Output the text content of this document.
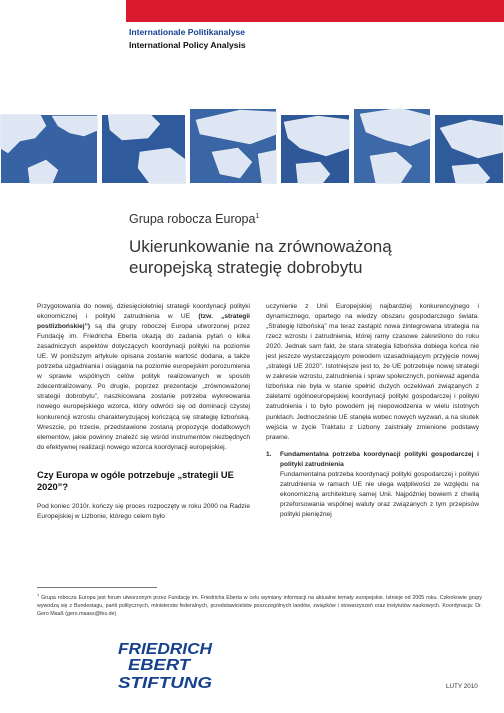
Internationale Politikanalyse
International Policy Analysis
Grupa robocza Europa$^1$
Ukierunkowanie na zrównoważoną
europejską strategię dobrobytu

Przygotowania do nowej, dziesięcioletniej strategii koordynacji polityki ekonomicznej i polityki zatrudnienia w UE (tzw. „strategii postlizbońskiej”) są dla grupy roboczej Europa utworzonej przez Fundację im. Friedricha Eberta okazją do zadania pytań o kilka zasadniczych aspektów dotyczących koordynacji polityki na poziomie UE. W poniższym artykule opisana zostanie wartość dodana, a także potrzeba uzgadniania i osiągania na poziomie europejskim porozumienia w sprawie wspólnych celów polityk realizowanych w sposób zdecentralizowany. Po drugie, poprzez prezentacje „zrównoważonej strategii dobrobytu”, naszkicowana zostanie potrzeba wykreowania nowego europejskiego wzorca, który odwróci się od dominacji czystej konkurencji wzrostu charakteryzującej kończącą się strategię lizbońską. Wreszcie, po trzecie, przedstawione zostaną propozycje dodatkowych elementów, jakie powinny znaleźć się wśród instrumentów niezbędnych do efektywnej realizacji nowego wzorca koordynacji europejskiej.

Czy Europa w ogóle potrzebuje „strategii UE 2020”?

Pod koniec 2010r. kończy się proces rozpoczęty w roku 2000 na Radzie Europejskiej w Lizbonie, którego celem było

uczynienie z Unii Europejskiej najbardziej konkurencyjnego i dynamicznego, opartego na wiedzy obszaru gospodarczego świata. „Strategię lizbońską” ma teraz zastąpić nowa zintegrowana strategia na rzecz wzrostu i zatrudnienia, której ramy czasowe zakreślono do roku 2020. Jednak sam fakt, że stara strategia lizbońska dobiega końca nie jest jeszcze wystarczającym powodem uzasadniającym przyjęcie nowej „strategii UE 2020”. Istotniejsze jest to, że UE potrzebuje nowej strategii w zakresie wzrostu, zatrudnienia i spraw społecznych, ponieważ agenda lizbońska nie była w stanie spełnić dużych oczekiwań związanych z zaletami ogólnoeuropejskiej koordynacji polityki gospodarczej i polityki zatrudnienia i to było powodem jej niepowodzenia w wielu istotnych punktach. Jednocześnie UE stanęła wobec nowych wyzwań, a na skutek wejścia w życie Traktatu z Lizbony zaistniały zmienione podstawy prawne.

1.	Fundamentalna potrzeba koordynacji polityki gospodarczej i polityki zatrudnienia
Fundamentalna potrzeba koordynacji polityki gospodarczej i polityki zatrudnienia w ramach UE nie ulega wątpliwości ze względu na ekonomiczną architekturę samej Unii. Najpóźniej bowiem z chwilą przeforsowania wspólnej waluty oraz związanych z tym przepisów polityki pieniężnej
$^1$ Grupa robocza Europa jest forum utworzonym przez Fundację im. Friedricha Eberta w celu wymiany informacji na aktualne tematy europejskie. Istnieje od 2005 roku. Członkowie grupy wywodzą się z Bundestagu, partii politycznych, ministerstw federalnych, przedstawicielstw poszczególnych landów, związków i stowarzyszeń oraz instytutów naukowych. Koordynacja: Dr. Gero Maaß (gero.maass@fes.de)
FRIEDRICH
EBERT
STIFTUNG	LUTY 2010
